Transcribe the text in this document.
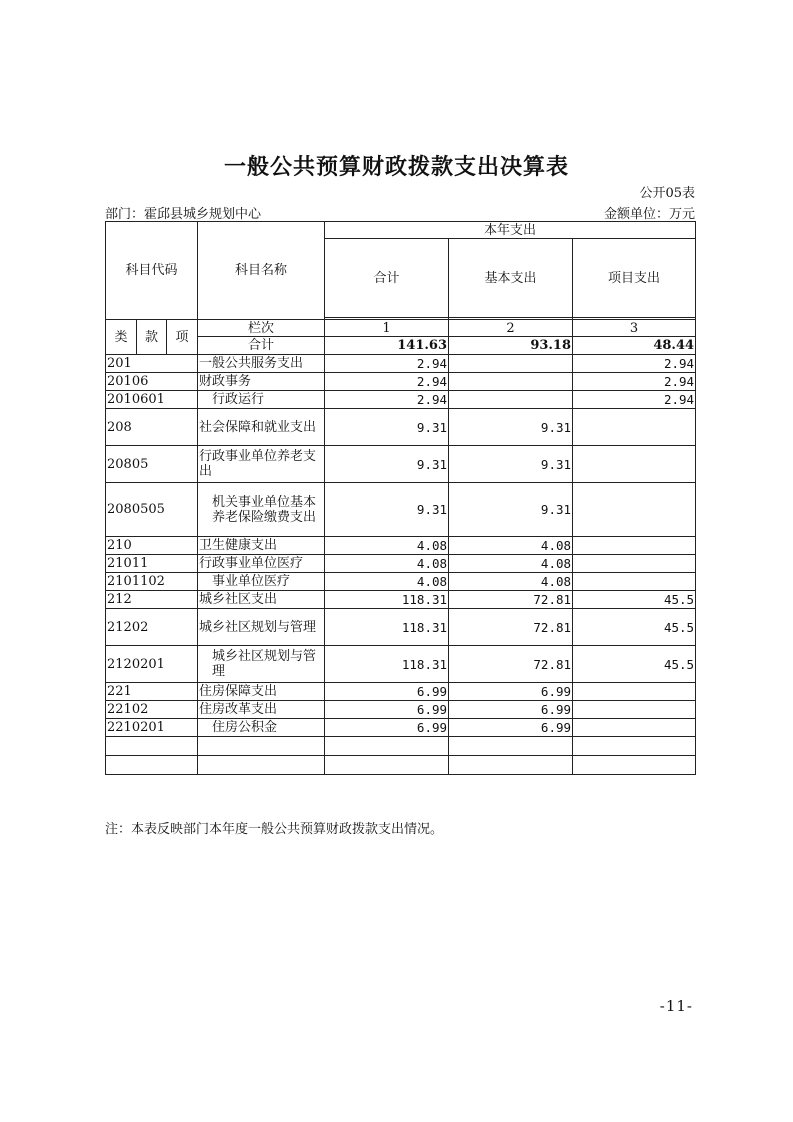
一般公共预算财政拨款支出决算表
公开05表
部门：霍邱县城乡规划中心	金额单位：万元
科目代码			科目名称	本年支出		
				合计	基本支出	项目支出

类	款	项	栏次	1	2	3
			合计	141.63	93.18	48.44
201			一般公共服务支出	2.94		2.94
20106			财政事务	2.94		2.94
2010601			行政运行	2.94		2.94
208			社会保障和就业支出	9.31	9.31	
20805			行政事业单位养老支出	9.31	9.31	
2080505			机关事业单位基本养老保险缴费支出	9.31	9.31	
210			卫生健康支出	4.08	4.08	
21011			行政事业单位医疗	4.08	4.08	
2101102			事业单位医疗	4.08	4.08	
212			城乡社区支出	118.31	72.81	45.5
21202			城乡社区规划与管理	118.31	72.81	45.5
2120201			城乡社区规划与管理	118.31	72.81	45.5
221			住房保障支出	6.99	6.99	
22102			住房改革支出	6.99	6.99	
2210201			住房公积金	6.99	6.99	

注：本表反映部门本年度一般公共预算财政拨款支出情况。
-11-
